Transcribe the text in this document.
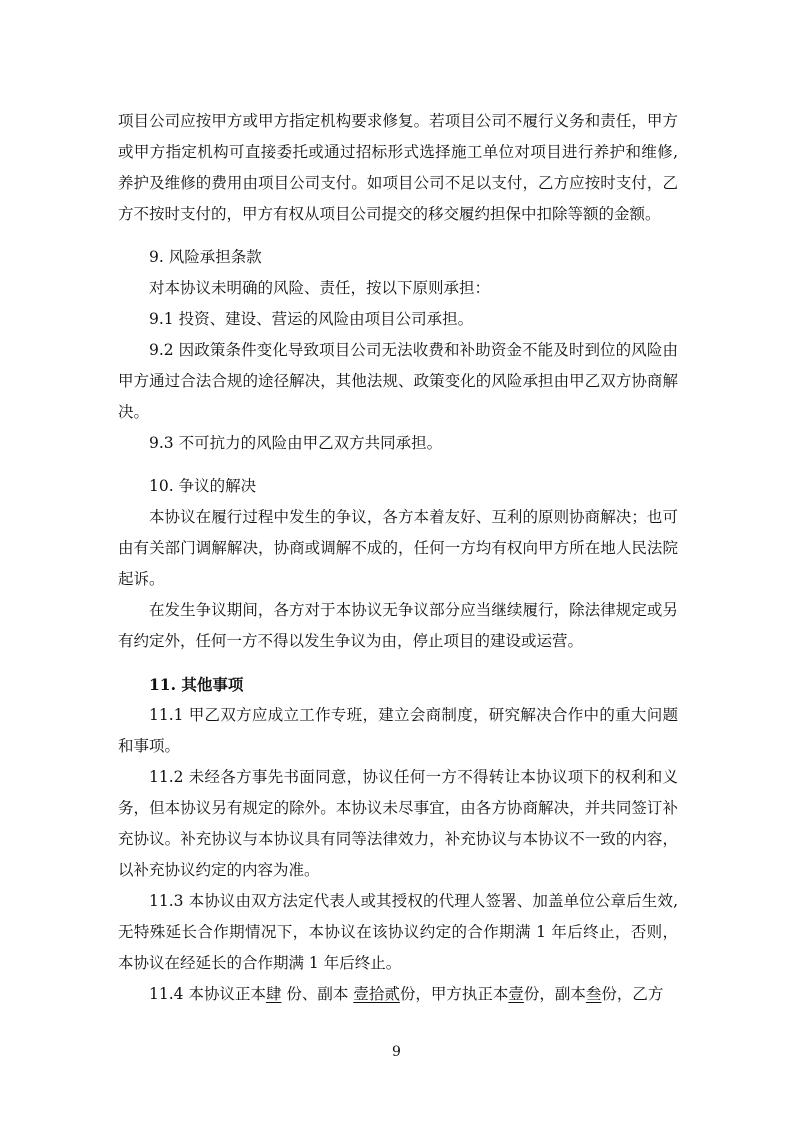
项目公司应按甲方或甲方指定机构要求修复。若项目公司不履行义务和责任，甲方或甲方指定机构可直接委托或通过招标形式选择施工单位对项目进行养护和维修, 养护及维修的费用由项目公司支付。如项目公司不足以支付，乙方应按时支付，乙方不按时支付的，甲方有权从项目公司提交的移交履约担保中扣除等额的金额。

9. 风险承担条款

对本协议未明确的风险、责任，按以下原则承担：

9.1 投资、建设、营运的风险由项目公司承担。

9.2 因政策条件变化导致项目公司无法收费和补助资金不能及时到位的风险由甲方通过合法合规的途径解决，其他法规、政策变化的风险承担由甲乙双方协商解决。

9.3 不可抗力的风险由甲乙双方共同承担。

10. 争议的解决

本协议在履行过程中发生的争议，各方本着友好、互利的原则协商解决；也可由有关部门调解解决，协商或调解不成的，任何一方均有权向甲方所在地人民法院起诉。

在发生争议期间，各方对于本协议无争议部分应当继续履行，除法律规定或另有约定外，任何一方不得以发生争议为由，停止项目的建设或运营。

11. 其他事项

11.1 甲乙双方应成立工作专班，建立会商制度，研究解决合作中的重大问题和事项。

11.2 未经各方事先书面同意，协议任何一方不得转让本协议项下的权利和义务，但本协议另有规定的除外。本协议未尽事宜，由各方协商解决，并共同签订补充协议。补充协议与本协议具有同等法律效力，补充协议与本协议不一致的内容，以补充协议约定的内容为准。

11.3 本协议由双方法定代表人或其授权的代理人签署、加盖单位公章后生效, 无特殊延长合作期情况下，本协议在该协议约定的合作期满 1 年后终止，否则，本协议在经延长的合作期满 1 年后终止。

11.4 本协议正本肆 份、副本 壹拾贰份，甲方执正本壹份，副本叁份，乙方

9
